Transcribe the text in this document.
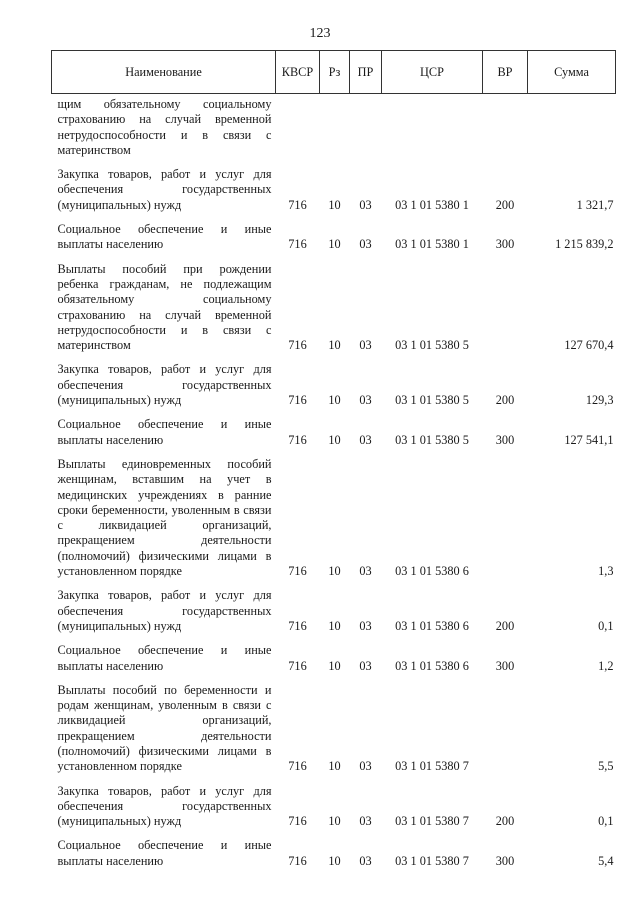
123
Наименование	КВСР	Рз	ПР	ЦСР	ВР	Сумма
щим обязательному социальному страхованию на случай временной нетрудоспособности и в связи с материнством						
Закупка товаров, работ и услуг для обеспечения государственных (муниципальных) нужд	716	10	03	03 1 01 5380 1	200	1 321,7
Социальное обеспечение и иные выплаты населению	716	10	03	03 1 01 5380 1	300	1 215 839,2
Выплаты пособий при рождении ребенка гражданам, не подлежащим обязательному социальному страхованию на случай временной нетрудоспособности и в связи с материнством	716	10	03	03 1 01 5380 5		127 670,4
Закупка товаров, работ и услуг для обеспечения государственных (муниципальных) нужд	716	10	03	03 1 01 5380 5	200	129,3
Социальное обеспечение и иные выплаты населению	716	10	03	03 1 01 5380 5	300	127 541,1
Выплаты единовременных пособий женщинам, вставшим на учет в медицинских учреждениях в ранние сроки беременности, уволенным в связи с ликвидацией организаций, прекращением деятельности (полномочий) физическими лицами в установленном порядке	716	10	03	03 1 01 5380 6		1,3
Закупка товаров, работ и услуг для обеспечения государственных (муниципальных) нужд	716	10	03	03 1 01 5380 6	200	0,1
Социальное обеспечение и иные выплаты населению	716	10	03	03 1 01 5380 6	300	1,2
Выплаты пособий по беременности и родам женщинам, уволенным в связи с ликвидацией организаций, прекращением деятельности (полномочий) физическими лицами в установленном порядке	716	10	03	03 1 01 5380 7		5,5
Закупка товаров, работ и услуг для обеспечения государственных (муниципальных) нужд	716	10	03	03 1 01 5380 7	200	0,1
Социальное обеспечение и иные выплаты населению	716	10	03	03 1 01 5380 7	300	5,4
